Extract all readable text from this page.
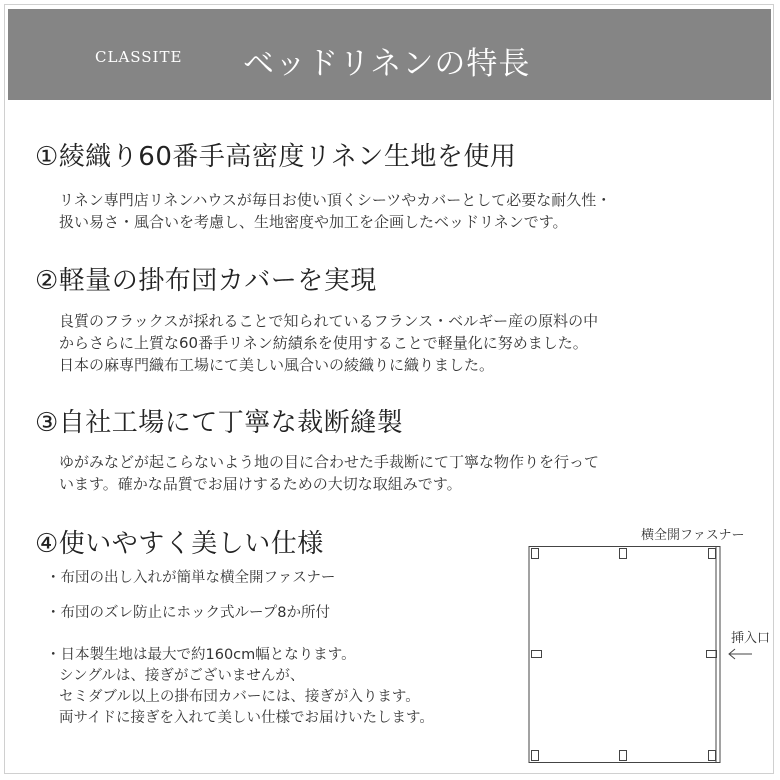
CLASSITE ベッドリネンの特長
①綾織り60番手高密度リネン生地を使用
リネン専門店リネンハウスが毎日お使い頂くシーツやカバーとして必要な耐久性・
扱い易さ・風合いを考慮し、生地密度や加工を企画したベッドリネンです。
②軽量の掛布団カバーを実現
良質のフラックスが採れることで知られているフランス・ベルギー産の原料の中
からさらに上質な60番手リネン紡績糸を使用することで軽量化に努めました。
日本の麻専門織布工場にて美しい風合いの綾織りに織りました。
③自社工場にて丁寧な裁断縫製
ゆがみなどが起こらないよう地の目に合わせた手裁断にて丁寧な物作りを行って
います。確かな品質でお届けするための大切な取組みです。
④使いやすく美しい仕様
・布団の出し入れが簡単な横全開ファスナー
・布団のズレ防止にホック式ループ8か所付
・日本製生地は最大で約160cm幅となります。
シングルは、接ぎがございませんが、
セミダブル以上の掛布団カバーには、接ぎが入ります。
両サイドに接ぎを入れて美しい仕様でお届けいたします。
横全開ファスナー
挿入口
